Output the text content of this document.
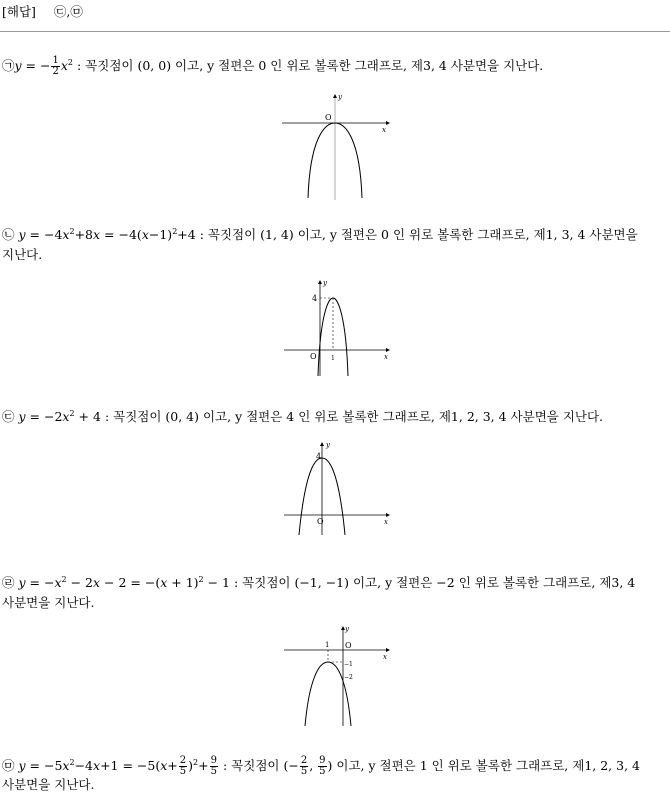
[해답] ㉢,㉤
㉠y = − $\frac{1}{2} x^2$ : 꼭짓점이 (0, 0) 이고, y 절편은 0 인 위로 볼록한 그래프로, 제3, 4 사분면을 지난다.
x
y
O
㉡ $y = -4x^2+8x = -4(x-1)^2+4$ : 꼭짓점이 (1, 4) 이고, y 절편은 0 인 위로 볼록한 그래프로, 제1, 3, 4 사분면을
지난다.
x
y
O
4
1
㉢ $y = -2x^2 + 4$ : 꼭짓점이 (0, 4) 이고, y 절편은 4 인 위로 볼록한 그래프로, 제1, 2, 3, 4 사분면을 지난다.
x
y
O
4
㉣ $y = -x^2 - 2x - 2 = -(x + 1)^2 - 1$ : 꼭짓점이 (−1, −1) 이고, y 절편은 −2 인 위로 볼록한 그래프로, 제3, 4
사분면을 지난다.
x
y
O
1
−1
−2
㉤ $y = -5x^2-4x+1 = -5(x+ \frac{2}{5} )^2+ \frac{9}{5}$ : 꼭짓점이 (− $\frac{2}{5}$ , $\frac{9}{5}$ ) 이고, y 절편은 1 인 위로 볼록한 그래프로, 제1, 2, 3, 4
사분면을 지난다.
